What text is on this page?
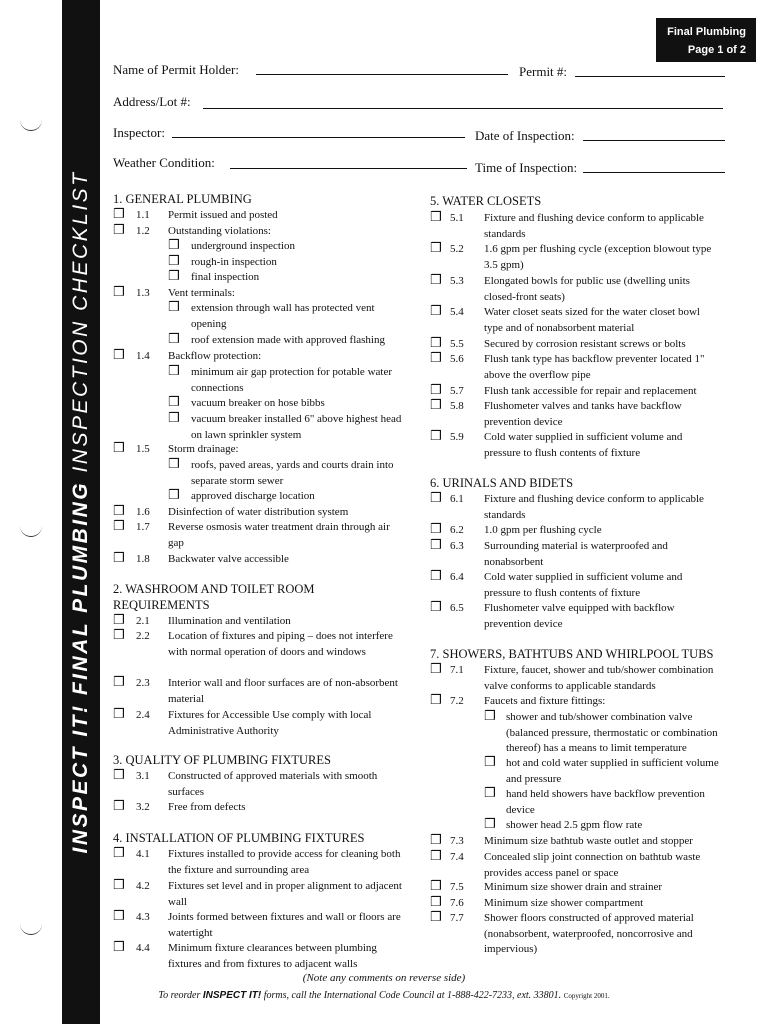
INSPECT IT! FINAL PLUMBING INSPECTION CHECKLIST
Final Plumbing
Page 1 of 2
Name of Permit Holder:	Permit #:
Address/Lot #:
Inspector:	Date of Inspection:
Weather Condition:	Time of Inspection:
1. GENERAL PLUMBING
❒ 1.1 Permit issued and posted
❒ 1.2 Outstanding violations:
❒ underground inspection
❒ rough-in inspection
❒ final inspection
❒ 1.3 Vent terminals:
❒ extension through wall has protected vent opening
❒ roof extension made with approved flashing
❒ 1.4 Backflow protection:
❒ minimum air gap protection for potable water connections
❒ vacuum breaker on hose bibbs
❒ vacuum breaker installed 6" above highest head on lawn sprinkler system
❒ 1.5 Storm drainage:
❒ roofs, paved areas, yards and courts drain into separate storm sewer
❒ approved discharge location
❒ 1.6 Disinfection of water distribution system
❒ 1.7 Reverse osmosis water treatment drain through air gap
❒ 1.8 Backwater valve accessible
2. WASHROOM AND TOILET ROOM REQUIREMENTS
❒ 2.1 Illumination and ventilation
❒ 2.2 Location of fixtures and piping – does not interfere with normal operation of doors and windows
❒ 2.3 Interior wall and floor surfaces are of non-absorbent material
❒ 2.4 Fixtures for Accessible Use comply with local Administrative Authority
3. QUALITY OF PLUMBING FIXTURES
❒ 3.1 Constructed of approved materials with smooth surfaces
❒ 3.2 Free from defects
4. INSTALLATION OF PLUMBING FIXTURES
❒ 4.1 Fixtures installed to provide access for cleaning both the fixture and surrounding area
❒ 4.2 Fixtures set level and in proper alignment to adjacent wall
❒ 4.3 Joints formed between fixtures and wall or floors are watertight
❒ 4.4 Minimum fixture clearances between plumbing fixtures and from fixtures to adjacent walls
5. WATER CLOSETS
❒ 5.1 Fixture and flushing device conform to applicable standards
❒ 5.2 1.6 gpm per flushing cycle (exception blowout type 3.5 gpm)
❒ 5.3 Elongated bowls for public use (dwelling units closed-front seats)
❒ 5.4 Water closet seats sized for the water closet bowl type and of nonabsorbent material
❒ 5.5 Secured by corrosion resistant screws or bolts
❒ 5.6 Flush tank type has backflow preventer located 1" above the overflow pipe
❒ 5.7 Flush tank accessible for repair and replacement
❒ 5.8 Flushometer valves and tanks have backflow prevention device
❒ 5.9 Cold water supplied in sufficient volume and pressure to flush contents of fixture
6. URINALS AND BIDETS
❒ 6.1 Fixture and flushing device conform to applicable standards
❒ 6.2 1.0 gpm per flushing cycle
❒ 6.3 Surrounding material is waterproofed and nonabsorbent
❒ 6.4 Cold water supplied in sufficient volume and pressure to flush contents of fixture
❒ 6.5 Flushometer valve equipped with backflow prevention device
7. SHOWERS, BATHTUBS AND WHIRLPOOL TUBS
❒ 7.1 Fixture, faucet, shower and tub/shower combination valve conforms to applicable standards
❒ 7.2 Faucets and fixture fittings:
❒ shower and tub/shower combination valve (balanced pressure, thermostatic or combination thereof) has a means to limit temperature
❒ hot and cold water supplied in sufficient volume and pressure
❒ hand held showers have backflow prevention device
❒ shower head 2.5 gpm flow rate
❒ 7.3 Minimum size bathtub waste outlet and stopper
❒ 7.4 Concealed slip joint connection on bathtub waste provides access panel or space
❒ 7.5 Minimum size shower drain and strainer
❒ 7.6 Minimum size shower compartment
❒ 7.7 Shower floors constructed of approved material (nonabsorbent, waterproofed, noncorrosive and impervious)
(Note any comments on reverse side)
To reorder INSPECT IT! forms, call the International Code Council at 1-888-422-7233, ext. 33801. Copyright 2001.
